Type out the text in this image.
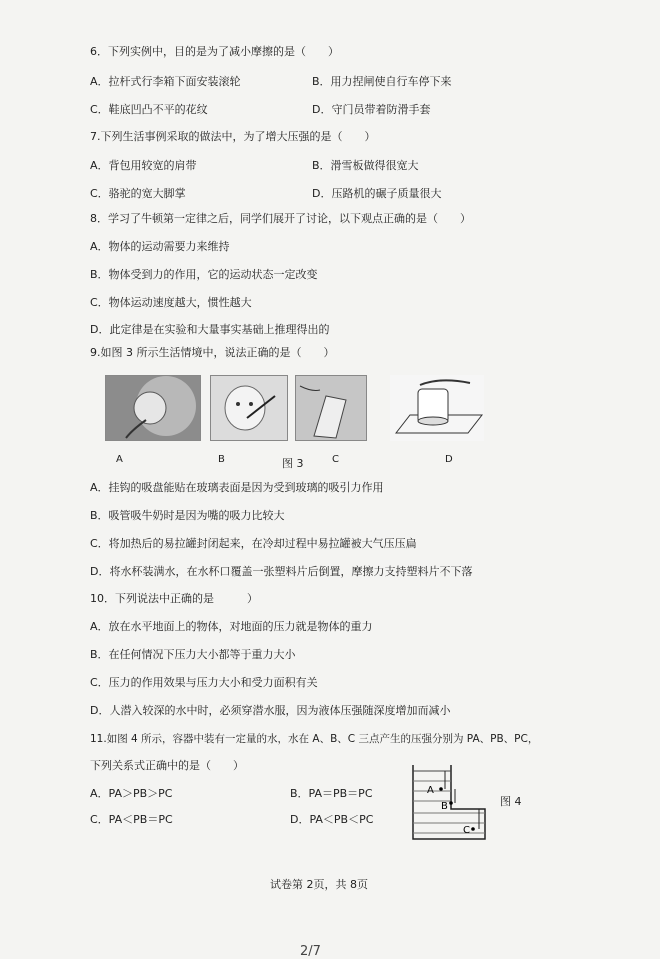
6．下列实例中，目的是为了减小摩擦的是（　　）
A．拉杆式行李箱下面安装滚轮	B．用力捏闸使自行车停下来
C．鞋底凹凸不平的花纹	D．守门员带着防滑手套
7.下列生活事例采取的做法中，为了增大压强的是（　　）
A．背包用较宽的肩带	B．滑雪板做得很宽大
C．骆驼的宽大脚掌	D．压路机的碾子质量很大
8．学习了牛顿第一定律之后，同学们展开了讨论，以下观点正确的是（　　）
A．物体的运动需要力来维持
B．物体受到力的作用，它的运动状态一定改变
C．物体运动速度越大，惯性越大
D．此定律是在实验和大量事实基础上推理得出的
9.如图 3 所示生活情境中，说法正确的是（　　）
A	B	图 3	C	D
A．挂钩的吸盘能贴在玻璃表面是因为受到玻璃的吸引力作用
B．吸管吸牛奶时是因为嘴的吸力比较大
C．将加热后的易拉罐封闭起来，在冷却过程中易拉罐被大气压压扁
D．将水杯装满水，在水杯口覆盖一张塑料片后倒置，摩擦力支持塑料片不下落
10．下列说法中正确的是　　　）
A．放在水平地面上的物体，对地面的压力就是物体的重力
B．在任何情况下压力大小都等于重力大小
C．压力的作用效果与压力大小和受力面积有关
D．人潜入较深的水中时，必须穿潜水服，因为液体压强随深度增加而减小
11.如图 4 所示，容器中装有一定量的水，水在 A、B、C 三点产生的压强分别为 PA、PB、PC，
下列关系式正确中的是（　　）
A．PA＞PB＞PC	B．PA＝PB＝PC
C．PA＜PB＝PC	D．PA＜PB＜PC
A
B
C
图 4
试卷第 2页，共 8页
2/7
